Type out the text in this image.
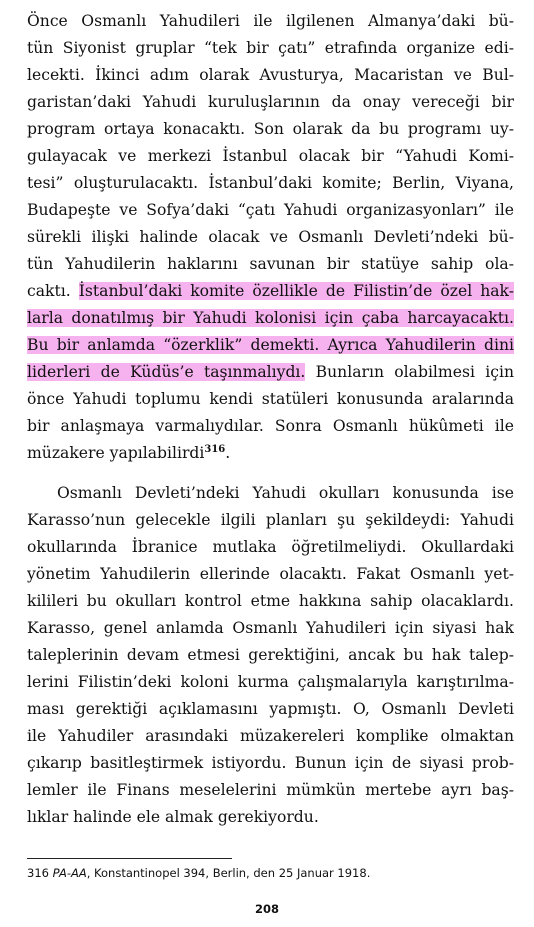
Önce Osmanlı Yahudileri ile ilgilenen Almanya’daki bü-
tün Siyonist gruplar “tek bir çatı” etrafında organize edi-
lecekti. İkinci adım olarak Avusturya, Macaristan ve Bul-
garistan’daki Yahudi kuruluşlarının da onay vereceği bir
program ortaya konacaktı. Son olarak da bu programı uy-
gulayacak ve merkezi İstanbul olacak bir “Yahudi Komi-
tesi” oluşturulacaktı. İstanbul’daki komite; Berlin, Viyana,
Budapeşte ve Sofya’daki “çatı Yahudi organizasyonları” ile
sürekli ilişki halinde olacak ve Osmanlı Devleti’ndeki bü-
tün Yahudilerin haklarını savunan bir statüye sahip ola-
caktı. İstanbul’daki komite özellikle de Filistin’de özel hak-
larla donatılmış bir Yahudi kolonisi için çaba harcayacaktı.
Bu bir anlamda “özerklik” demekti. Ayrıca Yahudilerin dini
liderleri de Küdüs’e taşınmalıydı. Bunların olabilmesi için
önce Yahudi toplumu kendi statüleri konusunda aralarında
bir anlaşmaya varmalıydılar. Sonra Osmanlı hükûmeti ile
müzakere yapılabilirdi$^{316}$.
Osmanlı Devleti’ndeki Yahudi okulları konusunda ise
Karasso’nun gelecekle ilgili planları şu şekildeydi: Yahudi
okullarında İbranice mutlaka öğretilmeliydi. Okullardaki
yönetim Yahudilerin ellerinde olacaktı. Fakat Osmanlı yet-
kilileri bu okulları kontrol etme hakkına sahip olacaklardı.
Karasso, genel anlamda Osmanlı Yahudileri için siyasi hak
taleplerinin devam etmesi gerektiğini, ancak bu hak talep-
lerini Filistin’deki koloni kurma çalışmalarıyla karıştırılma-
ması gerektiği açıklamasını yapmıştı. O, Osmanlı Devleti
ile Yahudiler arasındaki müzakereleri komplike olmaktan
çıkarıp basitleştirmek istiyordu. Bunun için de siyasi prob-
lemler ile Finans meselelerini mümkün mertebe ayrı baş-
lıklar halinde ele almak gerekiyordu.
316 PA-AA, Konstantinopel 394, Berlin, den 25 Januar 1918.
208
